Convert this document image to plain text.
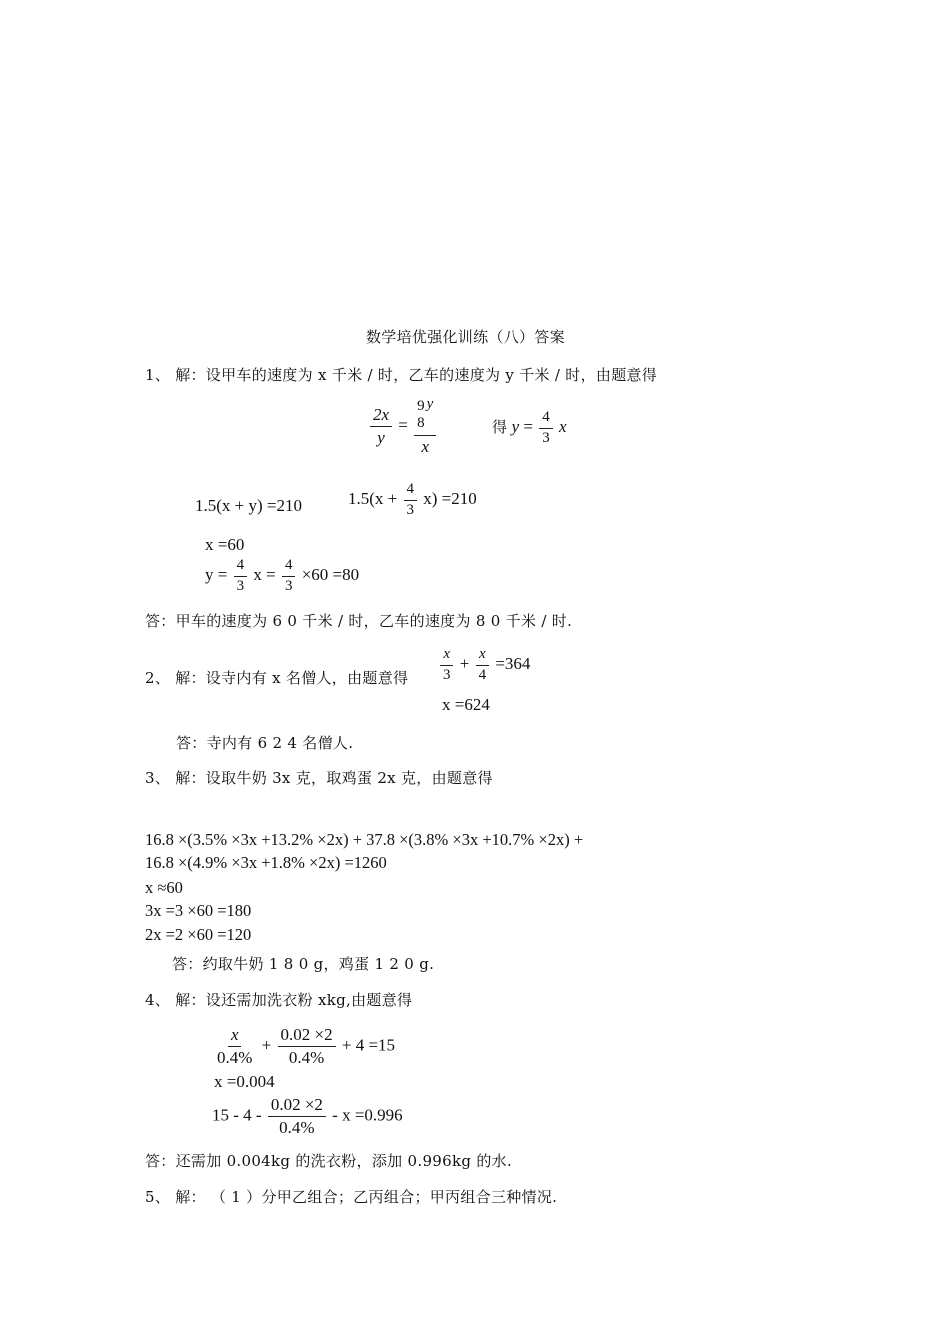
数学培优强化训练（八）答案
1、 解：设甲车的速度为 x 千米 / 时，乙车的速度为 y 千米 / 时，由题意得
$\frac{2x}{y} = 9$
8
y
x	得 $y = \frac{4}{3}$ x
1.5(x + y) =210	$1.5(x + \frac{4}{3} x) =210$
x =60
$y = \frac{4}{3}$ $x = \frac{4}{3} \times 60 =80$
答：甲车的速度为 6 0 千米 / 时，乙车的速度为 8 0 千米 / 时.
2、 解：设寺内有 x 名僧人，由题意得 $\frac{x}{3} + \frac{x}{4} =364$
x =624
答：寺内有 6 2 4 名僧人.
3、 解：设取牛奶 3x 克，取鸡蛋 2x 克，由题意得
16.8 ×(3.5% ×3x +13.2% ×2x) + 37.8 ×(3.8% ×3x +10.7% ×2x) +
16.8 ×(4.9% ×3x +1.8% ×2x) =1260
x ≈60
3x =3 ×60 =180
2x =2 ×60 =120
答：约取牛奶 1 8 0 g，鸡蛋 1 2 0 g.
4、 解：设还需加洗衣粉 xkg,由题意得
$\frac{x}{0.4\%} + \frac{0.02 \times 2}{0.4\%} + 4 =15$
x =0.004
$15 - 4 - \frac{0.02 \times 2}{0.4\%} - x =0.996$
答：还需加 0.004kg 的洗衣粉，添加 0.996kg 的水.
5、 解： （ 1 ）分甲乙组合；乙丙组合；甲丙组合三种情况.
